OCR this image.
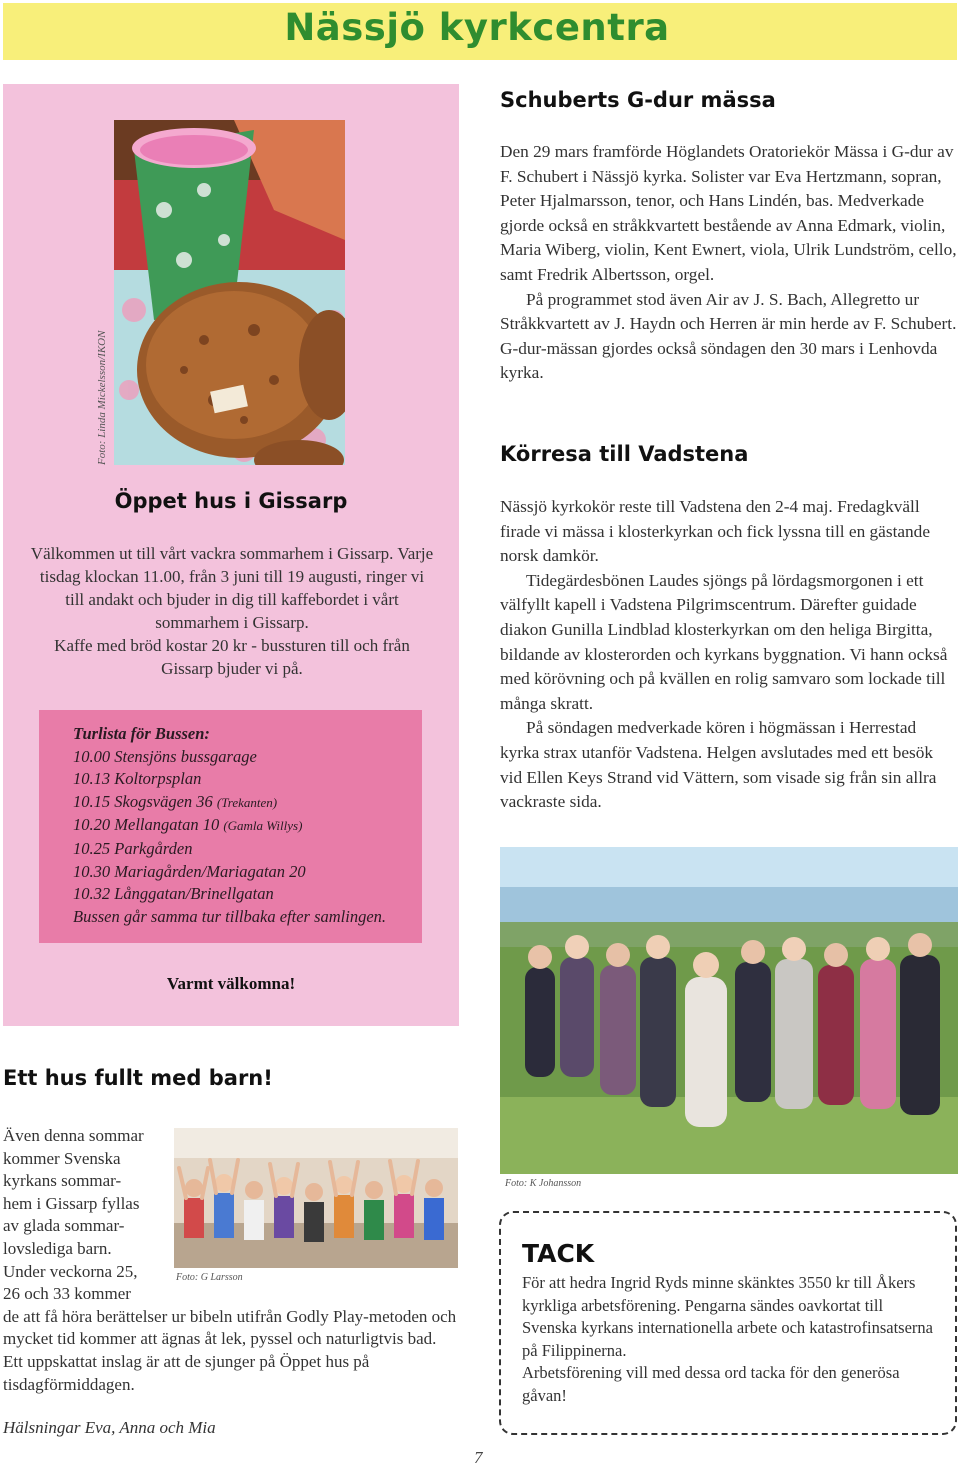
Nässjö kyrkcentra
Foto: Linda Mickelsson/IKON
Öppet hus i Gissarp

Välkommen ut till vårt vackra sommarhem i Gissarp. Varje tisdag klockan 11.00, från 3 juni till 19 augusti, ringer vi till andakt och bjuder in dig till kaffebordet i vårt sommarhem i Gissarp.

Kaffe med bröd kostar 20 kr - bussturen till och från Gissarp bjuder vi på.

Turlista för Bussen:
10.00 Stensjöns bussgarage
10.13 Koltorpsplan
10.15 Skogsvägen 36 (Trekanten)
10.20 Mellangatan 10 (Gamla Willys)
10.25 Parkgården
10.30 Mariagården/Mariagatan 20
10.32 Långgatan/Brinellgatan
Bussen går samma tur tillbaka efter samlingen.
Varmt välkomna!
Schuberts G-dur mässa

Den 29 mars framförde Höglandets Oratoriekör Mässa i G-dur av F. Schubert i Nässjö kyrka. Solister var Eva Hertzmann, sopran, Peter Hjalmarsson, tenor, och Hans Lindén, bas. Medverkade gjorde också en stråkkvartett bestående av Anna Edmark, violin, Maria Wiberg, violin, Kent Ewnert, viola, Ulrik Lundström, cello, samt Fredrik Albertsson, orgel.

På programmet stod även Air av J. S. Bach, Allegretto ur Stråkkvartett av J. Haydn och Herren är min herde av F. Schubert. G-dur-mässan gjordes också söndagen den 30 mars i Lenhovda kyrka.

Körresa till Vadstena

Nässjö kyrkokör reste till Vadstena den 2-4 maj. Fredagkväll firade vi mässa i klosterkyrkan och fick lyssna till en gästande norsk damkör.

Tidegärdesbönen Laudes sjöngs på lördagsmorgonen i ett välfyllt kapell i Vadstena Pilgrimscentrum. Därefter guidade diakon Gunilla Lindblad klosterkyrkan om den heliga Birgitta, bildande av klosterorden och kyrkans byggnation. Vi hann också med körövning och på kvällen en rolig samvaro som lockade till många skratt.

På söndagen medverkade kören i högmässan i Herrestad kyrka strax utanför Vadstena. Helgen avslutades med ett besök vid Ellen Keys Strand vid Vättern, som visade sig från sin allra vackraste sida.

Foto: K Johansson
TACK

För att hedra Ingrid Ryds minne skänktes 3550 kr till Åkers kyrkliga arbetsförening. Pengarna sändes oavkortat till Svenska kyrkans internationella arbete och katastrofinsatserna på Filippinerna.

Arbetsförening vill med dessa ord tacka för den generösa gåvan!

Ett hus fullt med barn!
Foto: G Larsson
Även denna sommar
kommer Svenska
kyrkans sommar-
hem i Gissarp fyllas
av glada sommar-
lovslediga barn.
Under veckorna 25,
26 och 33 kommer
de att få höra berättelser ur bibeln utifrån Godly Play-metoden och mycket tid kommer att ägnas åt lek, pyssel och naturligtvis bad. Ett uppskattat inslag är att de sjunger på Öppet hus på tisdagförmiddagen.
Hälsningar Eva, Anna och Mia
7
